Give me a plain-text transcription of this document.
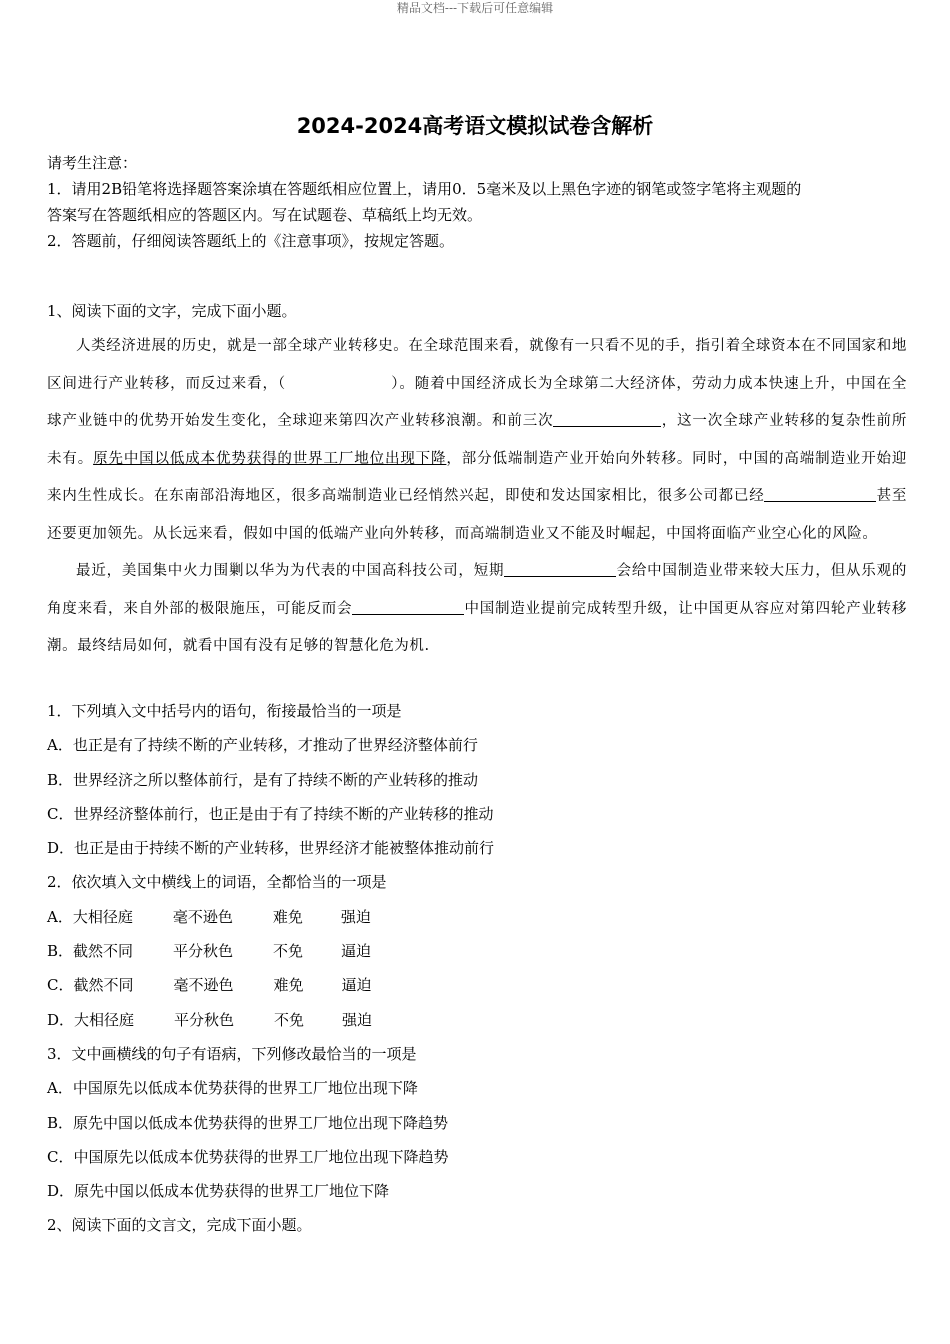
精品文档---下载后可任意编辑
2024-2024高考语文模拟试卷含解析
请考生注意：
1．请用2B铅笔将选择题答案涂填在答题纸相应位置上，请用0．5毫米及以上黑色字迹的钢笔或签字笔将主观题的
答案写在答题纸相应的答题区内。写在试题卷、草稿纸上均无效。
2．答题前，仔细阅读答题纸上的《注意事项》，按规定答题。
1、阅读下面的文字，完成下面小题。

人类经济进展的历史，就是一部全球产业转移史。在全球范围来看，就像有一只看不见的手，指引着全球资本在不同国家和地区间进行产业转移，而反过来看，（	）。随着中国经济成长为全球第二大经济体，劳动力成本快速上升，中国在全球产业链中的优势开始发生变化，全球迎来第四次产业转移浪潮。和前三次	，这一次全球产业转移的复杂性前所未有。原先中国以低成本优势获得的世界工厂地位出现下降，部分低端制造产业开始向外转移。同时，中国的高端制造业开始迎来内生性成长。在东南部沿海地区，很多高端制造业已经悄然兴起，即使和发达国家相比，很多公司都已经	甚至还要更加领先。从长远来看，假如中国的低端产业向外转移，而高端制造业又不能及时崛起，中国将面临产业空心化的风险。

最近，美国集中火力围剿以华为为代表的中国高科技公司，短期	会给中国制造业带来较大压力，但从乐观的角度来看，来自外部的极限施压，可能反而会	中国制造业提前完成转型升级，让中国更从容应对第四轮产业转移潮。最终结局如何，就看中国有没有足够的智慧化危为机.

1．下列填入文中括号内的语句，衔接最恰当的一项是
A．也正是有了持续不断的产业转移，才推动了世界经济整体前行
B．世界经济之所以整体前行，是有了持续不断的产业转移的推动
C．世界经济整体前行，也正是由于有了持续不断的产业转移的推动
D．也正是由于持续不断的产业转移，世界经济才能被整体推动前行
2．依次填入文中横线上的词语，全都恰当的一项是
A．大相径庭	毫不逊色	难免	强迫
B．截然不同	平分秋色	不免	逼迫
C．截然不同	毫不逊色	难免	逼迫
D．大相径庭	平分秋色	不免	强迫
3．文中画横线的句子有语病，下列修改最恰当的一项是
A．中国原先以低成本优势获得的世界工厂地位出现下降
B．原先中国以低成本优势获得的世界工厂地位出现下降趋势
C．中国原先以低成本优势获得的世界工厂地位出现下降趋势
D．原先中国以低成本优势获得的世界工厂地位下降
2、阅读下面的文言文，完成下面小题。
